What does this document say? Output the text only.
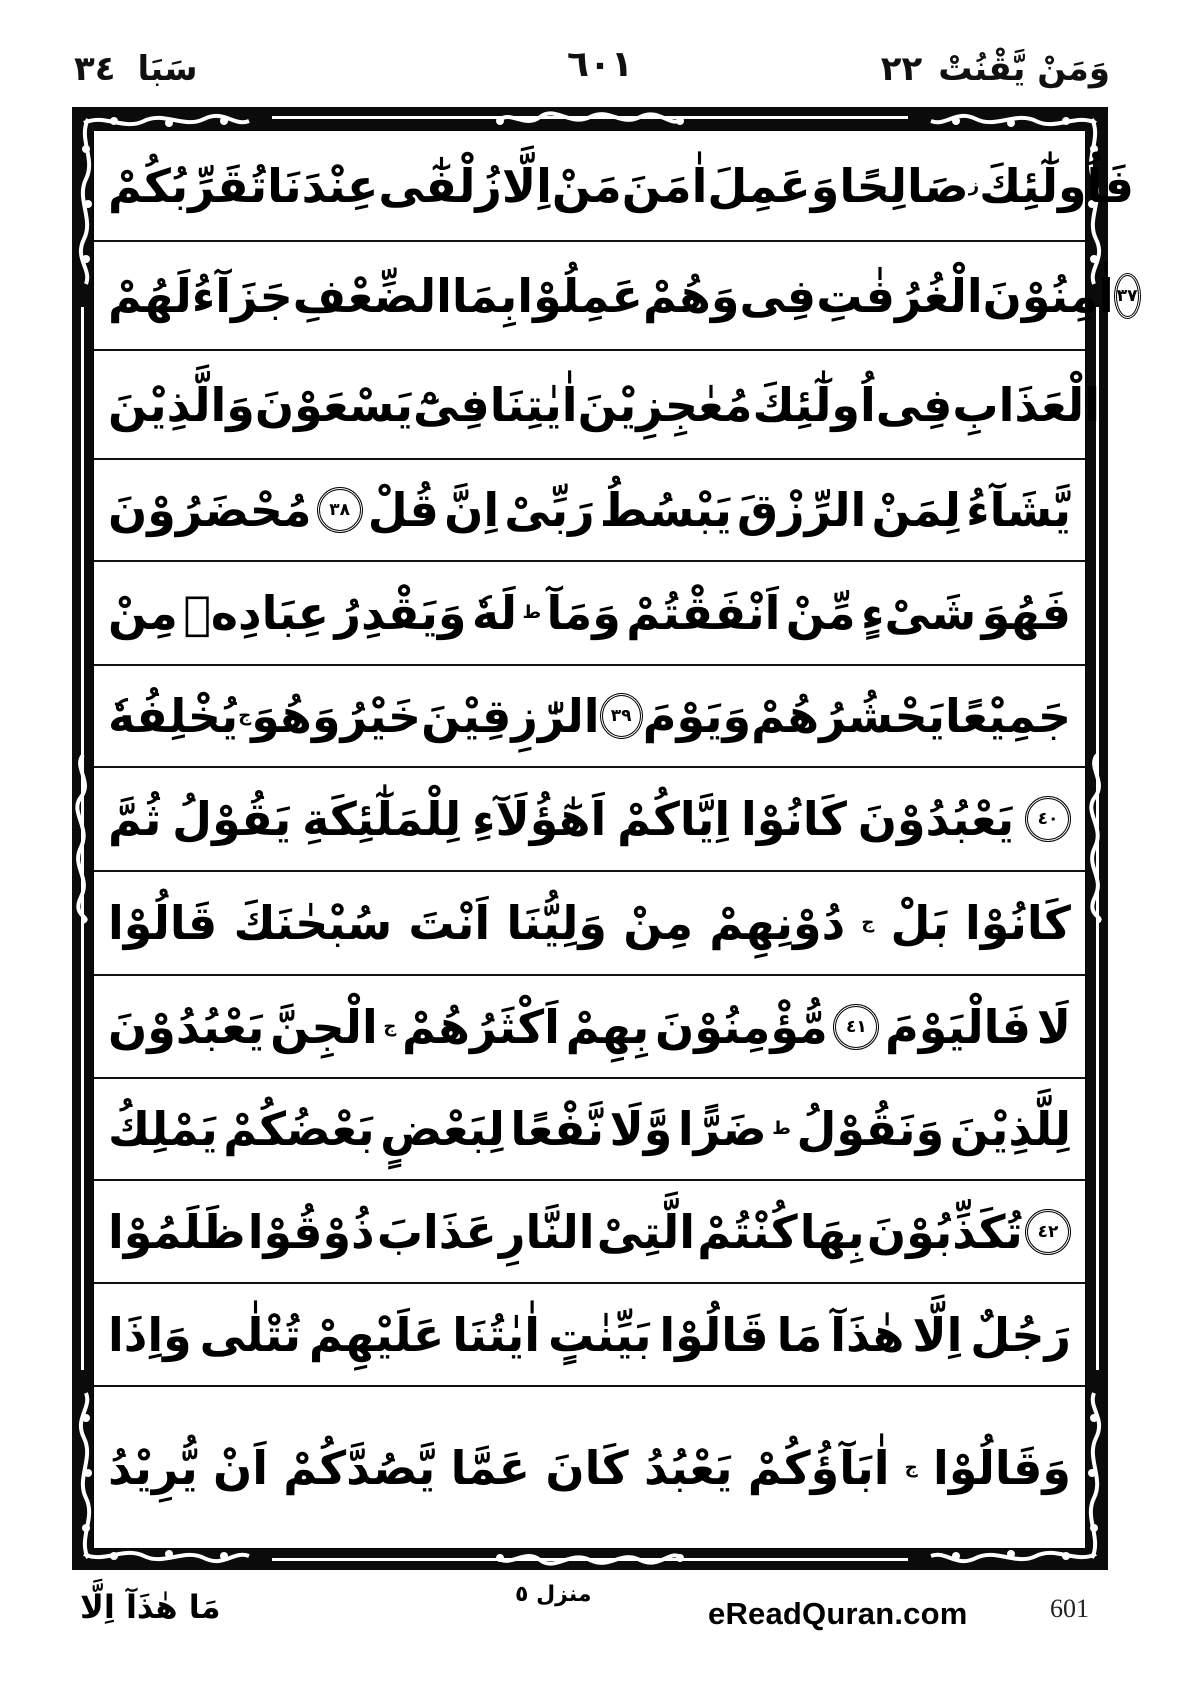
٣٤ سَبَا	٦٠١	وَمَنْ يَّقْنُتْ
٢٢
تُقَرِّبُكُمْ عِنْدَنَا زُلْفٰٓى اِلَّا مَنْ اٰمَنَ وَعَمِلَ صَالِحًا ز فَاُولٰٓئِكَ
لَهُمْ جَزَآءُ الضِّعْفِ بِمَا عَمِلُوْا وَهُمْ فِى الْغُرُفٰتِ اٰمِنُوْنَ ٣٧
وَالَّذِيْنَ يَسْعَوْنَ فِىْٓ اٰيٰتِنَا مُعٰجِزِيْنَ اُولٰٓئِكَ فِى الْعَذَابِ
مُحْضَرُوْنَ	٣٨ قُلْ اِنَّ رَبِّىْ يَبْسُطُ الرِّزْقَ لِمَنْ يَّشَآءُ
مِنْ عِبَادِهٖ وَيَقْدِرُ لَهٗ ط وَمَآ اَنْفَقْتُمْ مِّنْ شَىْءٍ فَهُوَ
يُخْلِفُهٗ ج وَهُوَ خَيْرُ الرّٰزِقِيْنَ ٣٩ وَيَوْمَ يَحْشُرُهُمْ جَمِيْعًا
ثُمَّ يَقُوْلُ لِلْمَلٰٓئِكَةِ اَهٰٓؤُلَآءِ اِيَّاكُمْ كَانُوْا يَعْبُدُوْنَ	٤٠
قَالُوْا سُبْحٰنَكَ اَنْتَ وَلِيُّنَا مِنْ دُوْنِهِمْ ج بَلْ كَانُوْا
يَعْبُدُوْنَ الْجِنَّ ج اَكْثَرُهُمْ بِهِمْ مُّؤْمِنُوْنَ	٤١ فَالْيَوْمَ لَا
يَمْلِكُ بَعْضُكُمْ لِبَعْضٍ نَّفْعًا وَّلَا ضَرًّا ط وَنَقُوْلُ لِلَّذِيْنَ
ظَلَمُوْا ذُوْقُوْا عَذَابَ النَّارِ الَّتِىْ كُنْتُمْ بِهَا تُكَذِّبُوْنَ ٤٢
وَاِذَا تُتْلٰى عَلَيْهِمْ اٰيٰتُنَا بَيِّنٰتٍ قَالُوْا مَا هٰذَآ اِلَّا رَجُلٌ
يُّرِيْدُ اَنْ يَّصُدَّكُمْ عَمَّا كَانَ يَعْبُدُ اٰبَآؤُكُمْ ج وَقَالُوْا
مَا هٰذَآ اِلَّا	منزل ٥
eReadQuran.com	601
